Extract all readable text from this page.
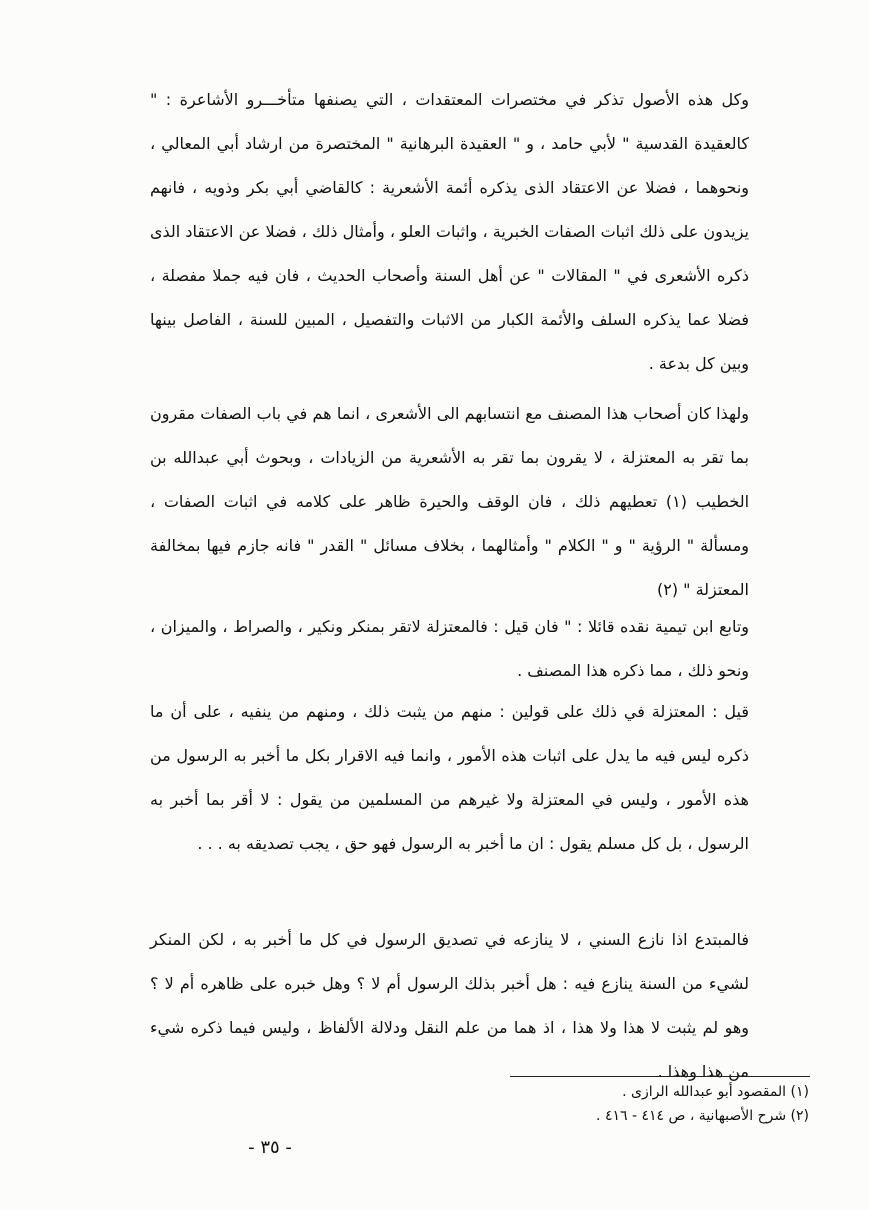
وكل هذه الأصول تذكر في مختصرات المعتقدات ، التي يصنفها متأخـــرو الأشاعرة : " كالعقيدة القدسية " لأبي حامد ، و " العقيدة البرهانية " المختصرة من ارشاد أبي المعالي ، ونحوهما ، فضلا عن الاعتقاد الذى يذكره أئمة الأشعرية : كالقاضي أبي بكر وذويه ، فانهم يزيدون على ذلك اثبات الصفات الخبرية ، واثبات العلو ، وأمثال ذلك ، فضلا عن الاعتقاد الذى ذكره الأشعرى في " المقالات " عن أهل السنة وأصحاب الحديث ، فان فيه جملا مفصلة ، فضلا عما يذكره السلف والأئمة الكبار من الاثبات والتفصيل ، المبين للسنة ، الفاصل بينها وبين كل بدعة .

ولهذا كان أصحاب هذا المصنف مع انتسابهم الى الأشعرى ، انما هم في باب الصفات مقرون بما تقر به المعتزلة ، لا يقرون بما تقر به الأشعرية من الزيادات ، وبحوث أبي عبدالله بن الخطيب (١) تعطيهم ذلك ، فان الوقف والحيرة ظاهر على كلامه في اثبات الصفات ، ومسألة " الرؤية " و " الكلام " وأمثالهما ، بخلاف مسائل " القدر " فانه جازم فيها بمخالفة المعتزلة " (٢)

وتابع ابن تيمية نقده قائلا : " فان قيل : فالمعتزلة لاتقر بمنكر ونكير ، والصراط ، والميزان ، ونحو ذلك ، مما ذكره هذا المصنف .

قيل : المعتزلة في ذلك على قولين : منهم من يثبت ذلك ، ومنهم من ينفيه ، على أن ما ذكره ليس فيه ما يدل على اثبات هذه الأمور ، وانما فيه الاقرار بكل ما أخبر به الرسول من هذه الأمور ، وليس في المعتزلة ولا غيرهم من المسلمين من يقول : لا أقر بما أخبر به الرسول ، بل كل مسلم يقول : ان ما أخبر به الرسول فهو حق ، يجب تصديقه به . . .

فالمبتدع اذا نازع السني ، لا ينازعه في تصديق الرسول في كل ما أخبر به ، لكن المنكر لشيء من السنة ينازع فيه : هل أخبر بذلك الرسول أم لا ؟ وهل خبره على ظاهره أم لا ؟ وهو لم يثبت لا هذا ولا هذا ، اذ هما من علم النقل ودلالة الألفاظ ، وليس فيما ذكره شيء من هذا وهذا .

(١) المقصود أبو عبدالله الرازى .
(٢) شرح الأصبهانية ، ص ٤١٤ - ٤١٦ .
- ٣٥ -
